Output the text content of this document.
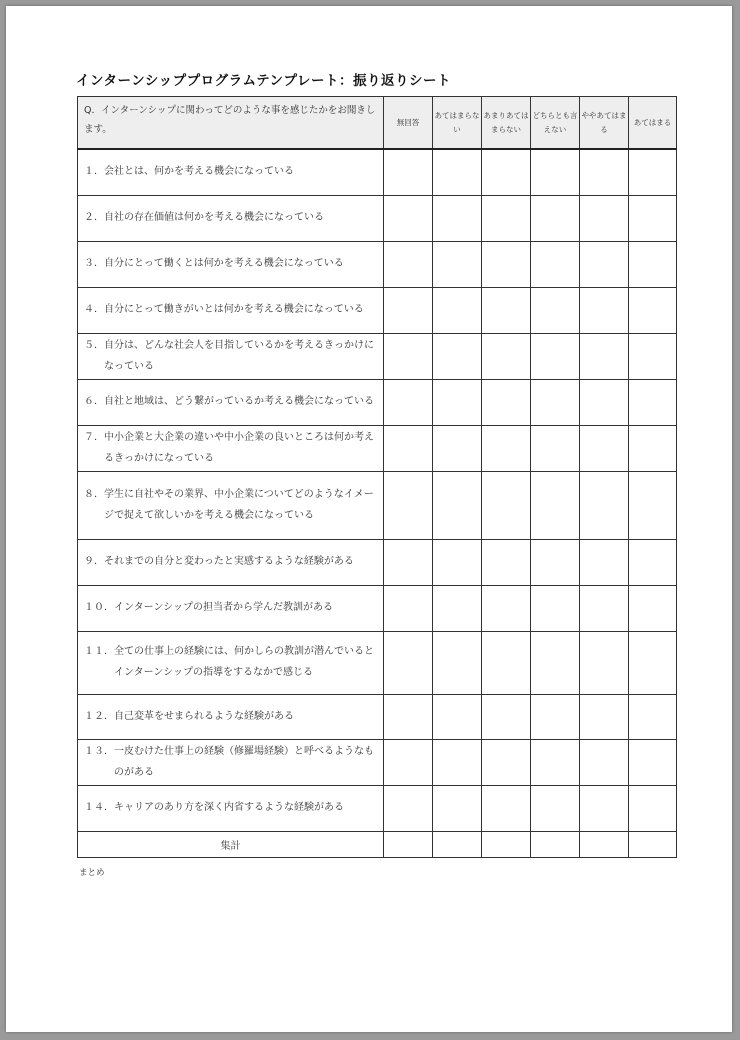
インターンシッププログラムテンプレート：振り返りシート
Q．インターンシップに関わってどのような事を感じたかをお聞きします。	無回答	あてはまらない	あまりあてはまらない	どちらとも言えない	ややあてはまる	あてはまる

１． 会社とは、何かを考える機会になっている						

２． 自社の存在価値は何かを考える機会になっている						

３． 自分にとって働くとは何かを考える機会になっている						

４． 自分にとって働きがいとは何かを考える機会になっている						

５． 自分は、どんな社会人を目指しているかを考えるきっかけになっている						

６． 自社と地域は、どう繋がっているか考える機会になっている						

７． 中小企業と大企業の違いや中小企業の良いところは何か考えるきっかけになっている						

８． 学生に自社やその業界、中小企業についてどのようなイメージで捉えて欲しいかを考える機会になっている						

９． それまでの自分と変わったと実感するような経験がある						

１０． インターンシップの担当者から学んだ教訓がある						

１１． 全ての仕事上の経験には、何かしらの教訓が潜んでいるとインターンシップの指導をするなかで感じる						

１２． 自己変革をせまられるような経験がある						

１３． 一皮むけた仕事上の経験（修羅場経験）と呼べるようなものがある						

１４． キャリアのあり方を深く内省するような経験がある						

集計						
まとめ
